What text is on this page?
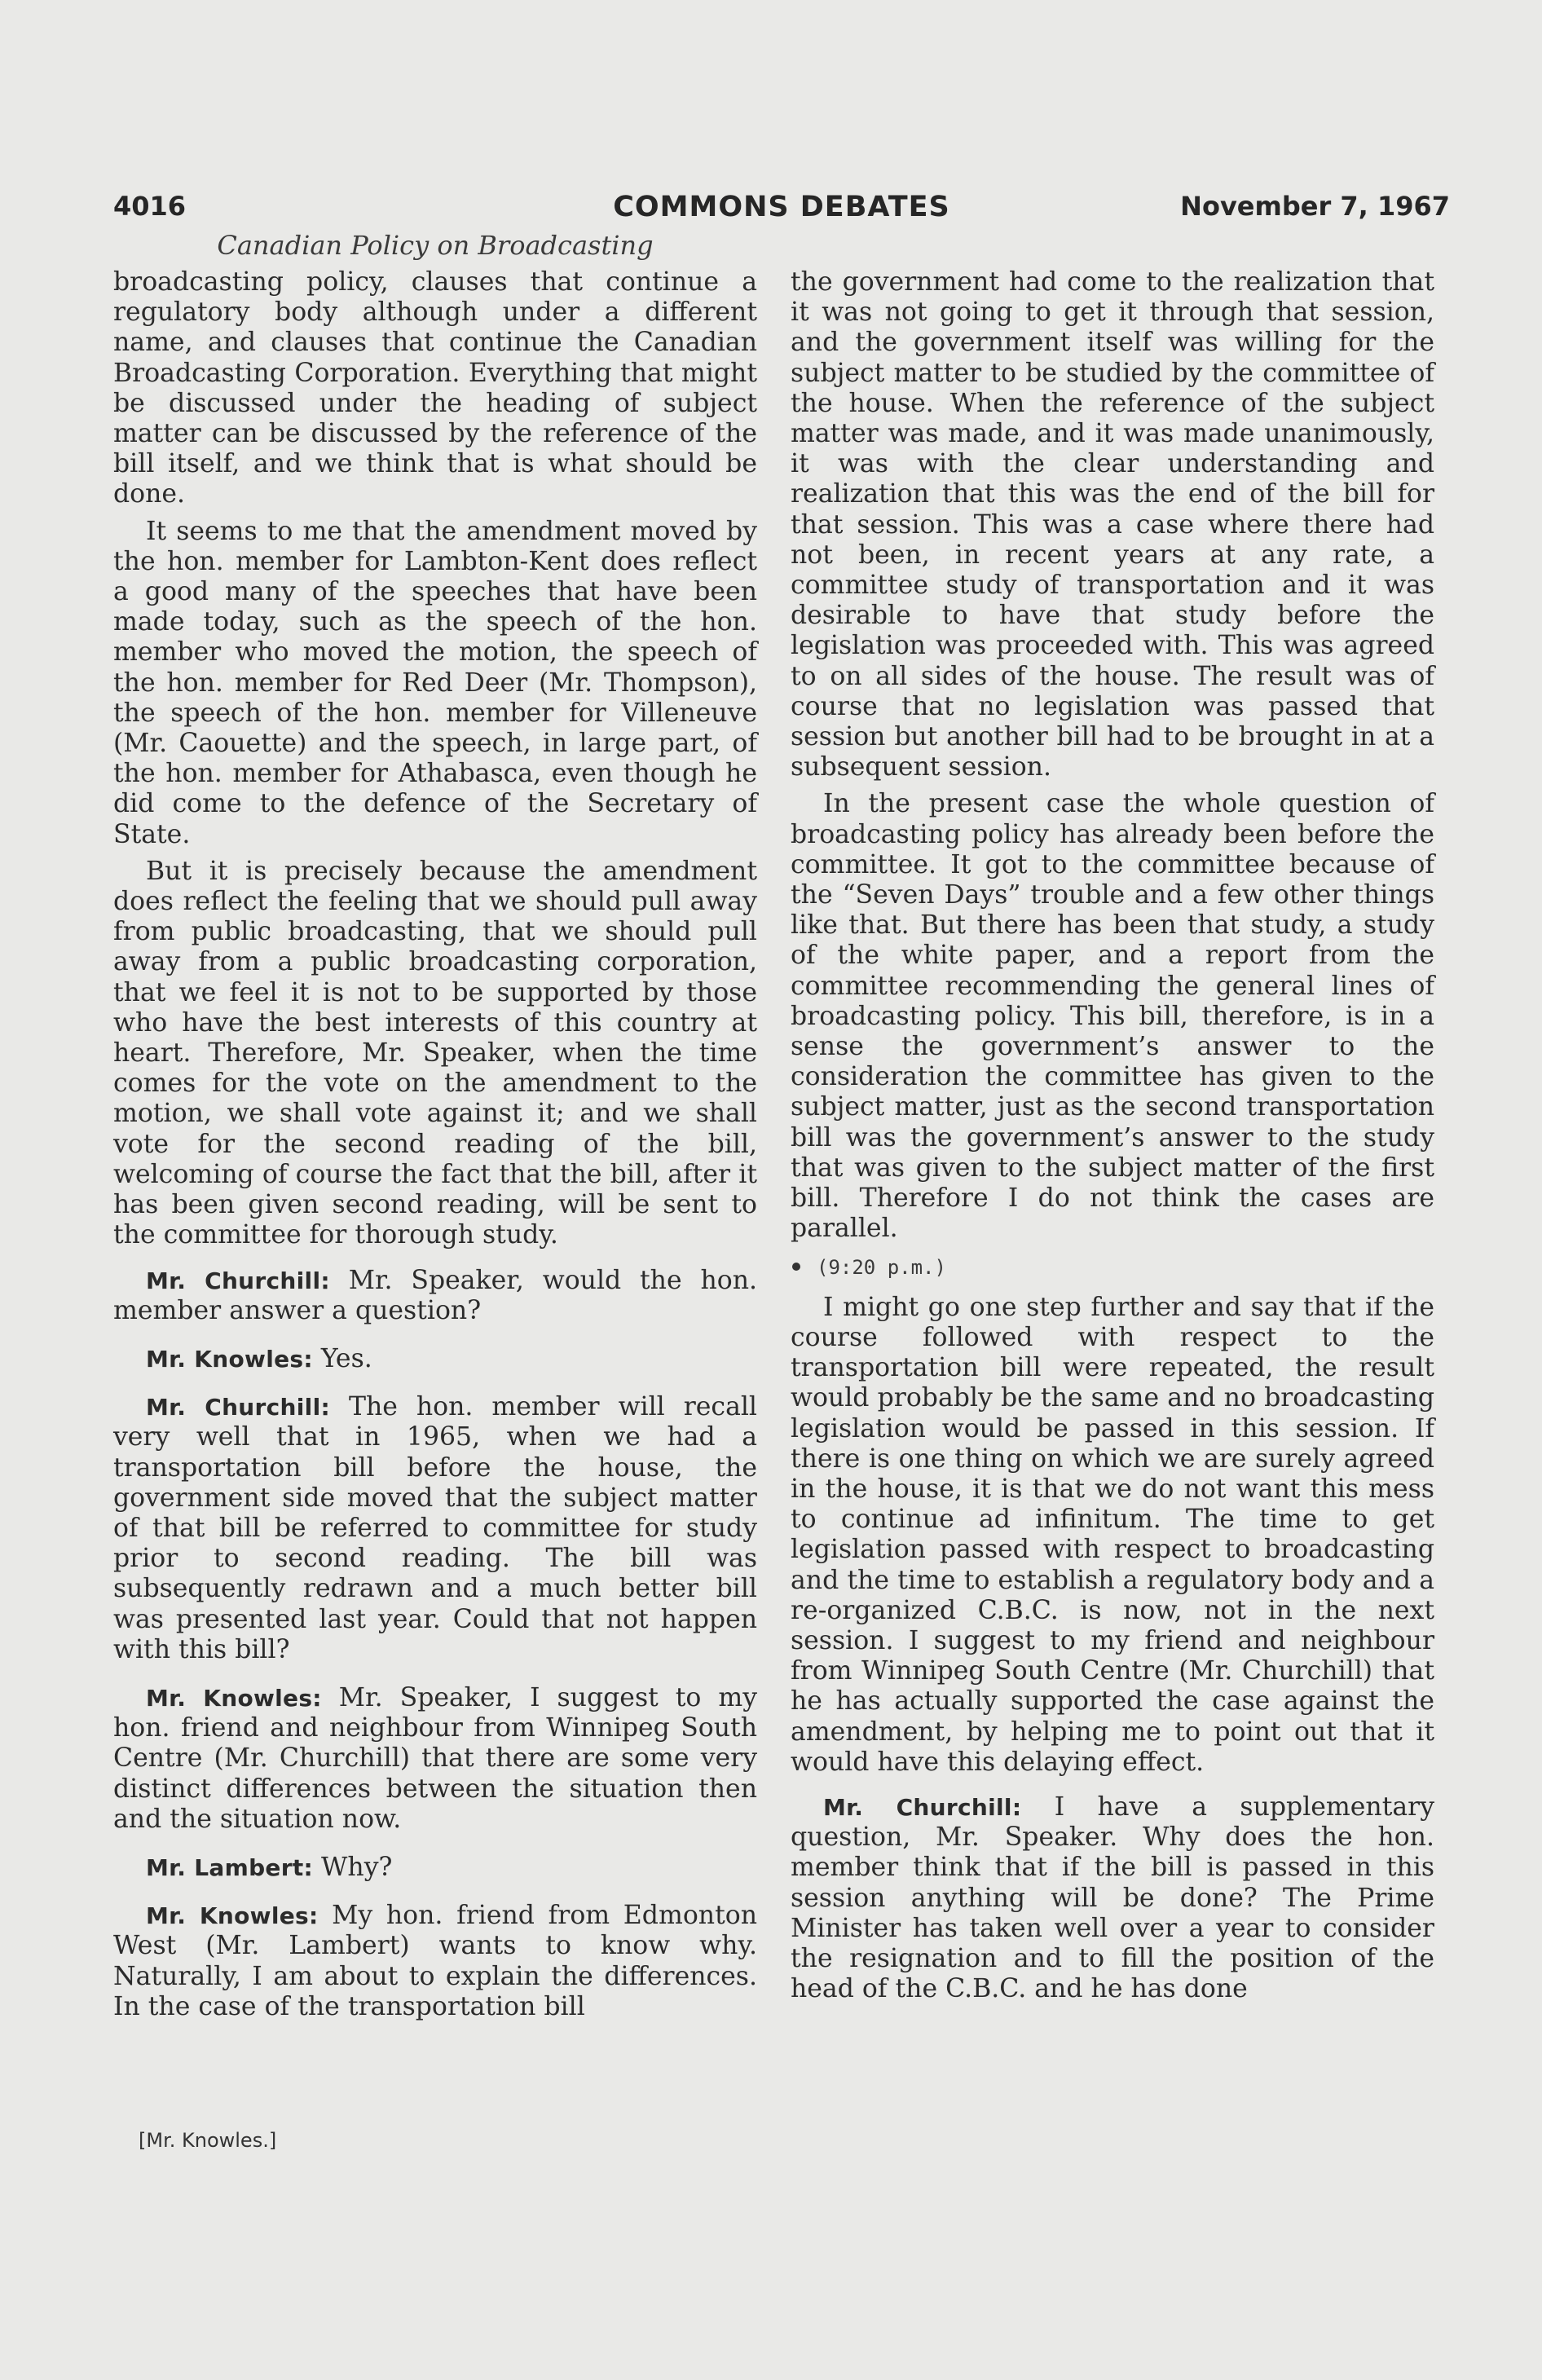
4016	COMMONS DEBATES	November 7, 1967
Canadian Policy on Broadcasting

broadcasting policy, clauses that continue a regulatory body although under a different name, and clauses that continue the Canadian Broadcasting Corporation. Everything that might be discussed under the heading of subject matter can be discussed by the reference of the bill itself, and we think that is what should be done.

It seems to me that the amendment moved by the hon. member for Lambton-Kent does reflect a good many of the speeches that have been made today, such as the speech of the hon. member who moved the motion, the speech of the hon. member for Red Deer (Mr. Thompson), the speech of the hon. member for Villeneuve (Mr. Caouette) and the speech, in large part, of the hon. member for Athabasca, even though he did come to the defence of the Secretary of State.

But it is precisely because the amendment does reflect the feeling that we should pull away from public broadcasting, that we should pull away from a public broadcasting corporation, that we feel it is not to be supported by those who have the best interests of this country at heart. Therefore, Mr. Speaker, when the time comes for the vote on the amendment to the motion, we shall vote against it; and we shall vote for the second reading of the bill, welcoming of course the fact that the bill, after it has been given second reading, will be sent to the committee for thorough study.

Mr. Churchill: Mr. Speaker, would the hon. member answer a question?

Mr. Knowles: Yes.

Mr. Churchill: The hon. member will recall very well that in 1965, when we had a transportation bill before the house, the government side moved that the subject matter of that bill be referred to committee for study prior to second reading. The bill was subsequently redrawn and a much better bill was presented last year. Could that not happen with this bill?

Mr. Knowles: Mr. Speaker, I suggest to my hon. friend and neighbour from Winnipeg South Centre (Mr. Churchill) that there are some very distinct differences between the situation then and the situation now.

Mr. Lambert: Why?

Mr. Knowles: My hon. friend from Edmonton West (Mr. Lambert) wants to know why. Naturally, I am about to explain the differences. In the case of the transportation bill

the government had come to the realization that it was not going to get it through that session, and the government itself was willing for the subject matter to be studied by the committee of the house. When the reference of the subject matter was made, and it was made unanimously, it was with the clear understanding and realization that this was the end of the bill for that session. This was a case where there had not been, in recent years at any rate, a committee study of transportation and it was desirable to have that study before the legislation was proceeded with. This was agreed to on all sides of the house. The result was of course that no legislation was passed that session but another bill had to be brought in at a subsequent session.

In the present case the whole question of broadcasting policy has already been before the committee. It got to the committee because of the “Seven Days” trouble and a few other things like that. But there has been that study, a study of the white paper, and a report from the committee recommending the general lines of broadcasting policy. This bill, therefore, is in a sense the government’s answer to the consideration the committee has given to the subject matter, just as the second transportation bill was the government’s answer to the study that was given to the subject matter of the first bill. Therefore I do not think the cases are parallel.

(9:20 p.m.)

I might go one step further and say that if the course followed with respect to the transportation bill were repeated, the result would probably be the same and no broadcasting legislation would be passed in this session. If there is one thing on which we are surely agreed in the house, it is that we do not want this mess to continue ad infinitum. The time to get legislation passed with respect to broadcasting and the time to establish a regulatory body and a re-organized C.B.C. is now, not in the next session. I suggest to my friend and neighbour from Winnipeg South Centre (Mr. Churchill) that he has actually supported the case against the amendment, by helping me to point out that it would have this delaying effect.

Mr. Churchill: I have a supplementary question, Mr. Speaker. Why does the hon. member think that if the bill is passed in this session anything will be done? The Prime Minister has taken well over a year to consider the resignation and to fill the position of the head of the C.B.C. and he has done

[Mr. Knowles.]
